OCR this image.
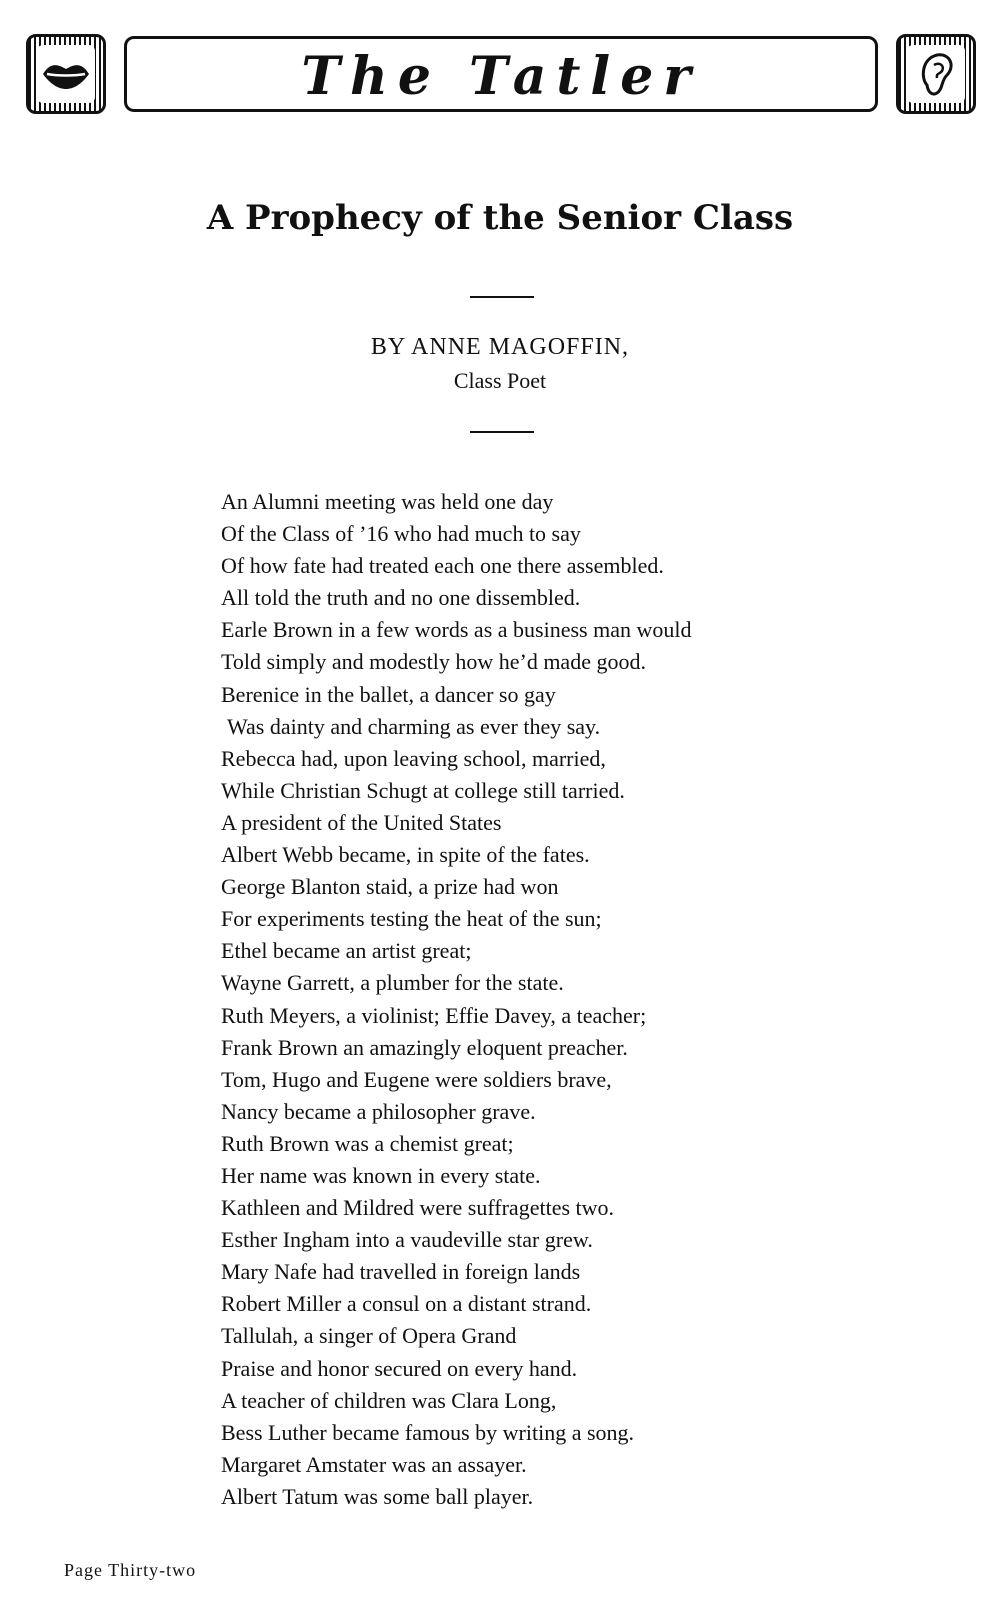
The Tatler
A Prophecy of the Senior Class
BY ANNE MAGOFFIN,
Class Poet
An Alumni meeting was held one day
Of the Class of ’16 who had much to say
Of how fate had treated each one there assembled.
All told the truth and no one dissembled.
Earle Brown in a few words as a business man would
Told simply and modestly how he’d made good.
Berenice in the ballet, a dancer so gay
Was dainty and charming as ever they say.
Rebecca had, upon leaving school, married,
While Christian Schugt at college still tarried.
A president of the United States
Albert Webb became, in spite of the fates.
George Blanton staid, a prize had won
For experiments testing the heat of the sun;
Ethel became an artist great;
Wayne Garrett, a plumber for the state.
Ruth Meyers, a violinist; Effie Davey, a teacher;
Frank Brown an amazingly eloquent preacher.
Tom, Hugo and Eugene were soldiers brave,
Nancy became a philosopher grave.
Ruth Brown was a chemist great;
Her name was known in every state.
Kathleen and Mildred were suffragettes two.
Esther Ingham into a vaudeville star grew.
Mary Nafe had travelled in foreign lands
Robert Miller a consul on a distant strand.
Tallulah, a singer of Opera Grand
Praise and honor secured on every hand.
A teacher of children was Clara Long,
Bess Luther became famous by writing a song.
Margaret Amstater was an assayer.
Albert Tatum was some ball player.
Page Thirty-two
